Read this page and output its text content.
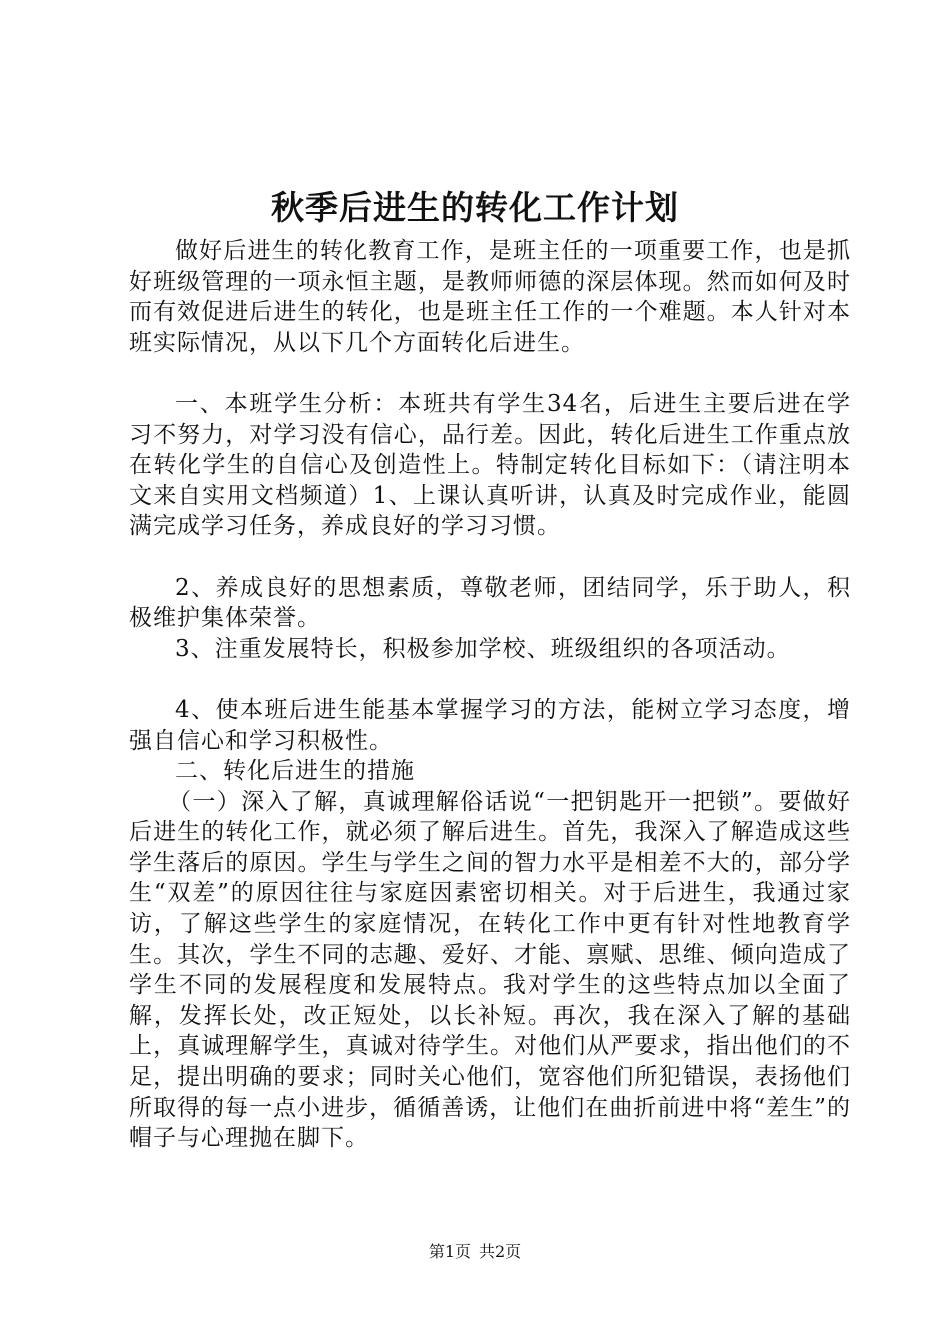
秋季后进生的转化工作计划

做好后进生的转化教育工作，是班主任的一项重要工作，也是抓好班级管理的一项永恒主题，是教师师德的深层体现。然而如何及时而有效促进后进生的转化，也是班主任工作的一个难题。本人针对本班实际情况，从以下几个方面转化后进生。

一、本班学生分析：本班共有学生34名，后进生主要后进在学习不努力，对学习没有信心，品行差。因此，转化后进生工作重点放在转化学生的自信心及创造性上。特制定转化目标如下：（请注明本文来自实用文档频道）1、上课认真听讲，认真及时完成作业，能圆满完成学习任务，养成良好的学习习惯。

2、养成良好的思想素质，尊敬老师，团结同学，乐于助人，积极维护集体荣誉。

3、注重发展特长，积极参加学校、班级组织的各项活动。

4、使本班后进生能基本掌握学习的方法，能树立学习态度，增强自信心和学习积极性。

二、转化后进生的措施

（一）深入了解，真诚理解俗话说“一把钥匙开一把锁”。要做好后进生的转化工作，就必须了解后进生。首先，我深入了解造成这些学生落后的原因。学生与学生之间的智力水平是相差不大的，部分学生“双差”的原因往往与家庭因素密切相关。对于后进生，我通过家访，了解这些学生的家庭情况，在转化工作中更有针对性地教育学生。其次，学生不同的志趣、爱好、才能、禀赋、思维、倾向造成了学生不同的发展程度和发展特点。我对学生的这些特点加以全面了解，发挥长处，改正短处，以长补短。再次，我在深入了解的基础上，真诚理解学生，真诚对待学生。对他们从严要求，指出他们的不足，提出明确的要求；同时关心他们，宽容他们所犯错误，表扬他们所取得的每一点小进步，循循善诱，让他们在曲折前进中将“差生”的帽子与心理抛在脚下。

第1页 共2页
